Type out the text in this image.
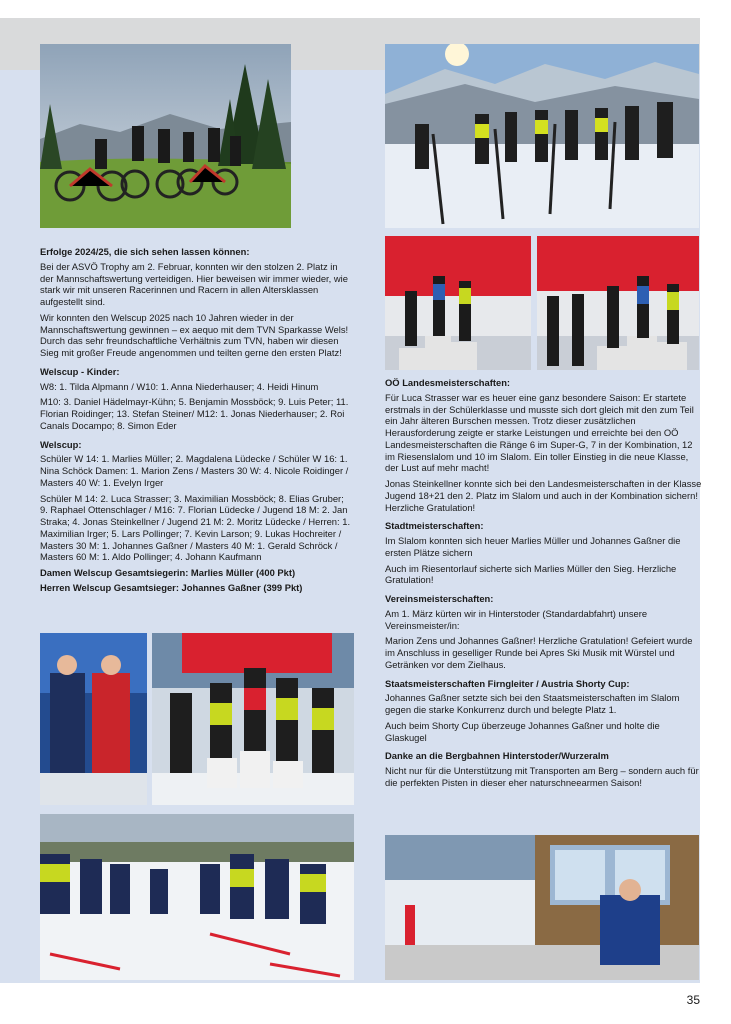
Erfolge 2024/25, die sich sehen lassen können:

Bei der ASVÖ Trophy am 2. Februar, konnten wir den stolzen 2. Platz in der Mannschaftswertung verteidigen. Hier beweisen wir immer wieder, wie stark wir mit unseren Racerinnen und Racern in allen Altersklassen aufgestellt sind.

Wir konnten den Welscup 2025 nach 10 Jahren wieder in der Mannschaftswertung gewinnen – ex aequo mit dem TVN Sparkasse Wels! Durch das sehr freundschaftliche Verhältnis zum TVN, haben wir diesen Sieg mit großer Freude angenommen und teilten gerne den ersten Platz!

Welscup - Kinder:

W8: 1. Tilda Alpmann / W10: 1. Anna Niederhauser; 4. Heidi Hinum

M10: 3. Daniel Hädelmayr-Kühn; 5. Benjamin Mossböck; 9. Luis Peter; 11. Florian Roidinger; 13. Stefan Steiner/ M12: 1. Jonas Niederhauser; 2. Roi Canals Docampo; 8. Simon Eder

Welscup:

Schüler W 14: 1. Marlies Müller; 2. Magdalena Lüdecke / Schüler W 16: 1. Nina Schöck Damen: 1. Marion Zens / Masters 30 W: 4. Nicole Roidinger / Masters 40 W: 1. Evelyn Irger

Schüler M 14: 2. Luca Strasser; 3. Maximilian Mossböck; 8. Elias Gruber; 9. Raphael Ottenschlager / M16: 7. Florian Lüdecke / Jugend 18 M: 2. Jan Straka; 4. Jonas Steinkellner / Jugend 21 M: 2. Moritz Lüdecke / Herren: 1. Maximilian Irger; 5. Lars Pollinger; 7. Kevin Larson; 9. Lukas Hochreiter / Masters 30 M: 1. Johannes Gaßner / Masters 40 M: 1. Gerald Schröck / Masters 60 M: 1. Aldo Pollinger; 4. Johann Kaufmann

Damen Welscup Gesamtsiegerin: Marlies Müller (400 Pkt)

Herren Welscup Gesamtsieger: Johannes Gaßner (399 Pkt)

OÖ Landesmeisterschaften:

Für Luca Strasser war es heuer eine ganz besondere Saison: Er startete erstmals in der Schülerklasse und musste sich dort gleich mit den zum Teil ein Jahr älteren Burschen messen. Trotz dieser zusätzlichen Herausforderung zeigte er starke Leistungen und erreichte bei den OÖ Landesmeisterschaften die Ränge 6 im Super-G, 7 in der Kombination, 12 im Riesenslalom und 10 im Slalom. Ein toller Einstieg in die neue Klasse, der Lust auf mehr macht!

Jonas Steinkellner konnte sich bei den Landesmeisterschaften in der Klasse Jugend 18+21 den 2. Platz im Slalom und auch in der Kombination sichern! Herzliche Gratulation!

Stadtmeisterschaften:

Im Slalom konnten sich heuer Marlies Müller und Johannes Gaßner die ersten Plätze sichern

Auch im Riesentorlauf sicherte sich Marlies Müller den Sieg. Herzliche Gratulation!

Vereinsmeisterschaften:

Am 1. März kürten wir in Hinterstoder (Standardabfahrt) unsere Vereinsmeister/in:

Marion Zens und Johannes Gaßner! Herzliche Gratulation! Gefeiert wurde im Anschluss in geselliger Runde bei Apres Ski Musik mit Würstel und Getränken vor dem Zielhaus.

Staatsmeisterschaften Firngleiter / Austria Shorty Cup:

Johannes Gaßner setzte sich bei den Staatsmeisterschaften im Slalom gegen die starke Konkurrenz durch und belegte Platz 1.

Auch beim Shorty Cup überzeuge Johannes Gaßner und holte die Glaskugel

Danke an die Bergbahnen Hinterstoder/Wurzeralm

Nicht nur für die Unterstützung mit Transporten am Berg – sondern auch für die perfekten Pisten in dieser eher naturschneearmen Saison!

35
